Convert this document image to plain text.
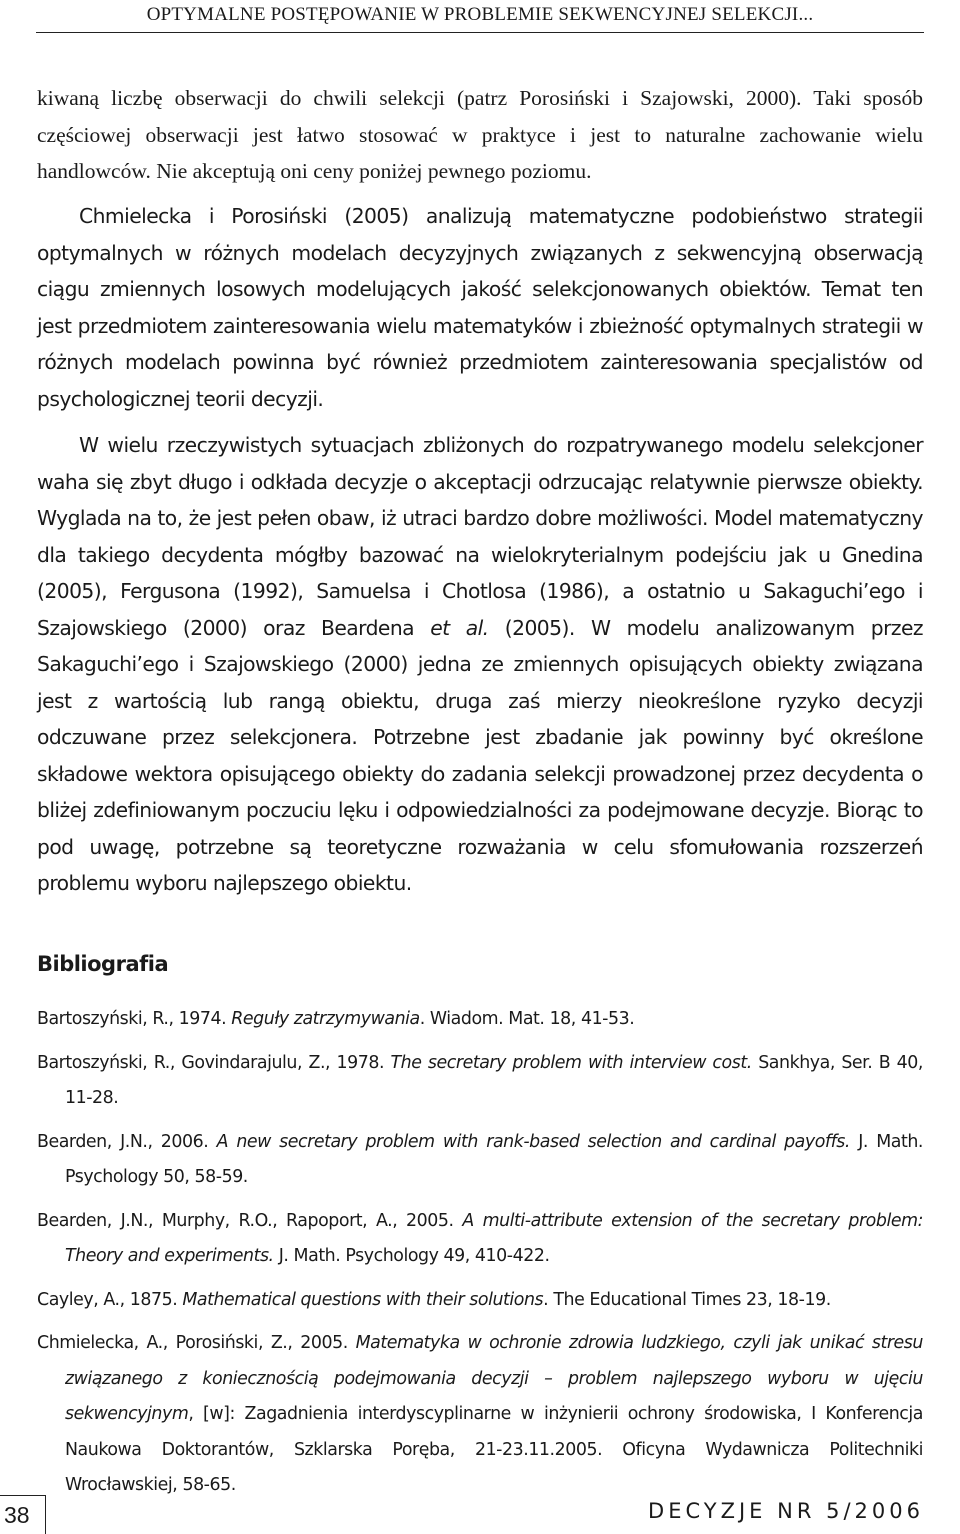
OPTYMALNE POSTĘPOWANIE W PROBLEMIE SEKWENCYJNEJ SELEKCJI...

kiwaną liczbę obserwacji do chwili selekcji (patrz Porosiński i Szajowski, 2000). Taki sposób częściowej obserwacji jest łatwo stosować w praktyce i jest to naturalne zachowanie wielu handlowców. Nie akceptują oni ceny poniżej pewnego poziomu.

Chmielecka i Porosiński (2005) analizują matematyczne podobieństwo strategii optymalnych w różnych modelach decyzyjnych związanych z sekwencyjną obserwacją ciągu zmiennych losowych modelujących jakość selekcjonowanych obiektów. Temat ten jest przedmiotem zainteresowania wielu matematyków i zbieżność optymalnych strategii w różnych modelach powinna być również przedmiotem zainteresowania specjalistów od psychologicznej teorii decyzji.

W wielu rzeczywistych sytuacjach zbliżonych do rozpatrywanego modelu selekcjoner waha się zbyt długo i odkłada decyzje o akceptacji odrzucając relatywnie pierwsze obiekty. Wyglada na to, że jest pełen obaw, iż utraci bardzo dobre możliwości. Model matematyczny dla takiego decydenta mógłby bazować na wielokryterialnym podejściu jak u Gnedina (2005), Fergusona (1992), Samuelsa i Chotlosa (1986), a ostatnio u Sakaguchi’ego i Szajowskiego (2000) oraz Beardena et al. (2005). W modelu analizowanym przez Sakaguchi’ego i Szajowskiego (2000) jedna ze zmiennych opisujących obiekty związana jest z wartością lub rangą obiektu, druga zaś mierzy nieokreślone ryzyko decyzji odczuwane przez selekcjonera. Potrzebne jest zbadanie jak powinny być określone składowe wektora opisującego obiekty do zadania selekcji prowadzonej przez decydenta o bliżej zdefiniowanym poczuciu lęku i odpowiedzialności za podejmowane decyzje. Biorąc to pod uwagę, potrzebne są teoretyczne rozważania w celu sfomułowania rozszerzeń problemu wyboru najlepszego obiektu.

Bibliografia
Bartoszyński, R., 1974. Reguły zatrzymywania. Wiadom. Mat. 18, 41-53.
Bartoszyński, R., Govindarajulu, Z., 1978. The secretary problem with interview cost. Sankhya, Ser. B 40, 11-28.
Bearden, J.N., 2006. A new secretary problem with rank-based selection and cardinal payoffs. J. Math. Psychology 50, 58-59.
Bearden, J.N., Murphy, R.O., Rapoport, A., 2005. A multi-attribute extension of the secretary problem: Theory and experiments. J. Math. Psychology 49, 410-422.
Cayley, A., 1875. Mathematical questions with their solutions. The Educational Times 23, 18-19.
Chmielecka, A., Porosiński, Z., 2005. Matematyka w ochronie zdrowia ludzkiego, czyli jak unikać stresu związanego z koniecznością podejmowania decyzji – problem najlepszego wyboru w ujęciu sekwencyjnym, [w]: Zagadnienia interdyscyplinarne w inżynierii ochrony środowiska, I Konferencja Naukowa Doktorantów, Szklarska Poręba, 21-23.11.2005. Oficyna Wydawnicza Politechniki Wrocławskiej, 58-65.
38	DECYZJE NR 5/2006
